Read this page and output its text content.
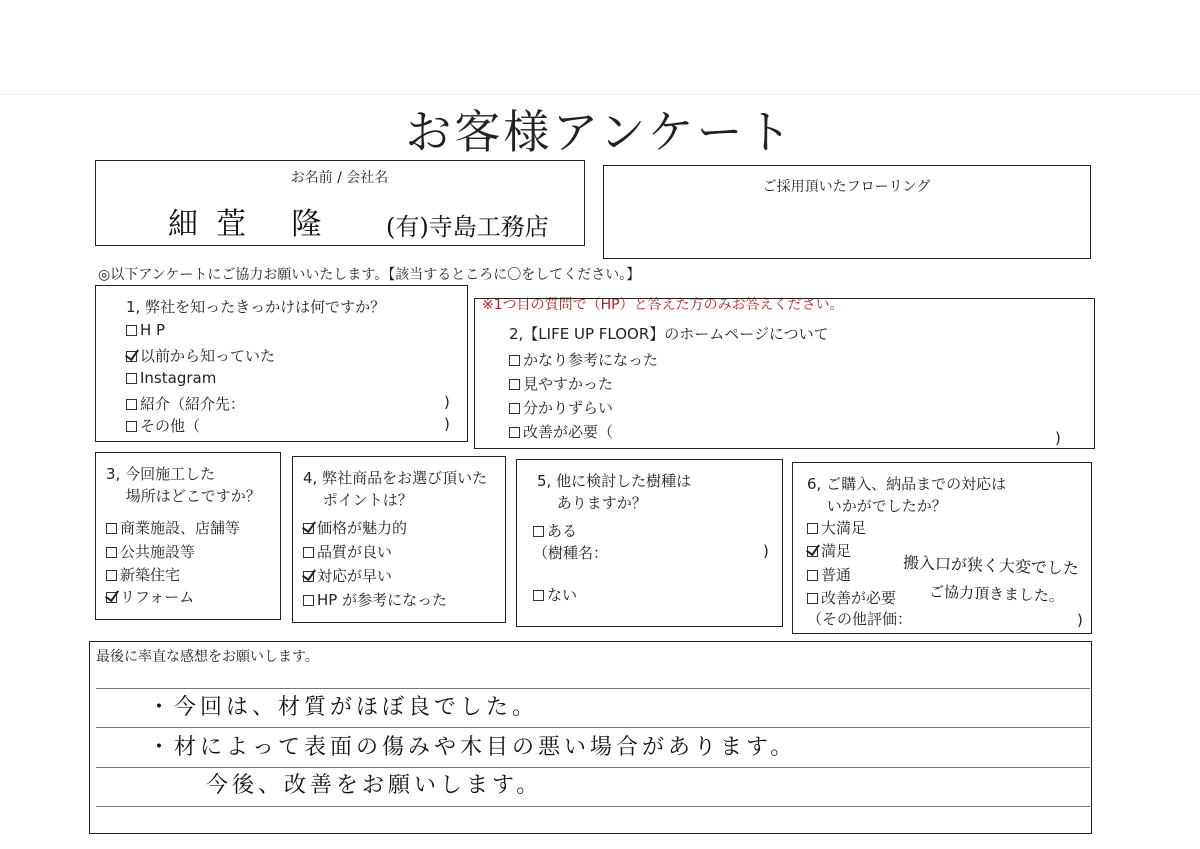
お客様アンケート
お名前 / 会社名
細萓 隆 (有)寺島工務店
ご採用頂いたフローリング
◎以下アンケートにご協力お願いいたします。【該当するところに〇をしてください。】
1, 弊社を知ったきっかけは何ですか？
H P
以前から知っていた
Instagram
紹介（紹介先：	)
その他（	)
※1つ目の質問で（HP）と答えた方のみお答えください。
2,【LIFE UP FLOOR】のホームページについて
かなり参考になった
見やすかった
分かりずらい
改善が必要（	)
3, 今回施工した
　 場所はどこですか？
商業施設、店舗等
公共施設等
新築住宅
リフォーム
4, 弊社商品をお選び頂いた
　 ポイントは？
価格が魅力的
品質が良い
対応が早い
HP が参考になった
5, 他に検討した樹種は
　 ありますか？
ある
（樹種名：	)
ない
6, ご購入、納品までの対応は
　 いかがでしたか？
大満足
満足
普通
改善が必要
（その他評価：	)
搬入口が狭く大変でした
ご協力頂きました。
最後に率直な感想をお願いします。
・今回は、材質がほぼ良でした。
・材によって表面の傷みや木目の悪い場合があります。
　今後、改善をお願いします。
